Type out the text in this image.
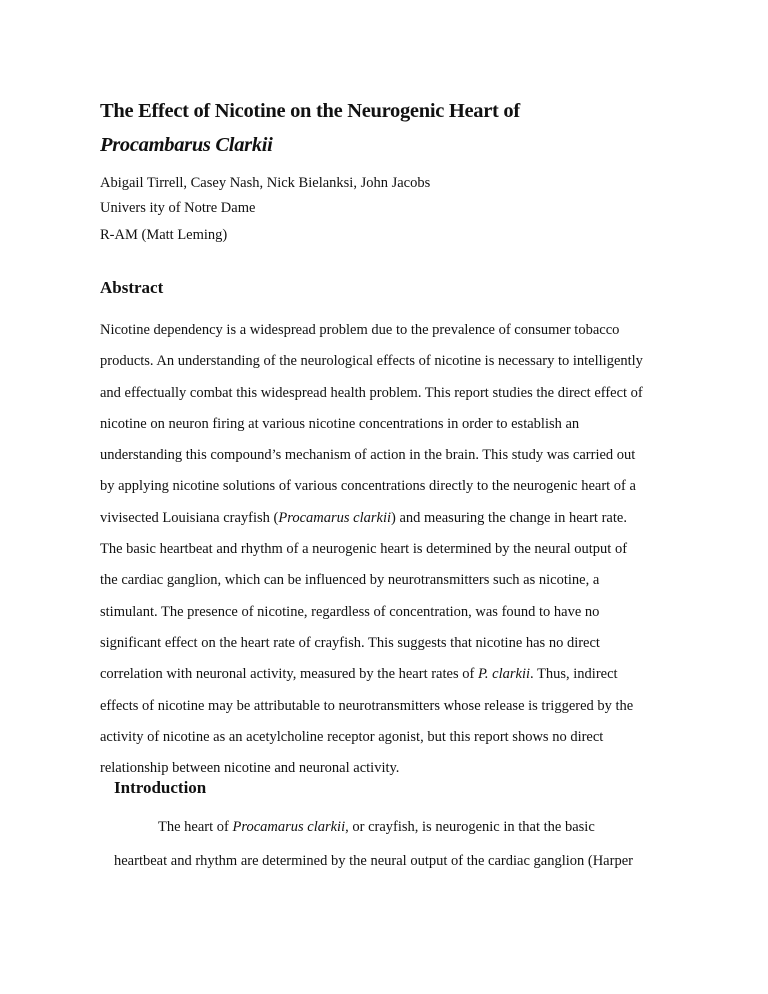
The Effect of Nicotine on the Neurogenic Heart of
Procambarus Clarkii
Abigail Tirrell, Casey Nash, Nick Bielanksi, John Jacobs
Univers ity of Notre Dame
R-AM (Matt Leming)
Abstract
Nicotine dependency is a widespread problem due to the prevalence of consumer tobacco
products. An understanding of the neurological effects of nicotine is necessary to intelligently
and effectually combat this widespread health problem. This report studies the direct effect of
nicotine on neuron firing at various nicotine concentrations in order to establish an
understanding this compound’s mechanism of action in the brain. This study was carried out
by applying nicotine solutions of various concentrations directly to the neurogenic heart of a
vivisected Louisiana crayfish (Procamarus clarkii) and measuring the change in heart rate.
The basic heartbeat and rhythm of a neurogenic heart is determined by the neural output of
the cardiac ganglion, which can be influenced by neurotransmitters such as nicotine, a
stimulant. The presence of nicotine, regardless of concentration, was found to have no
significant effect on the heart rate of crayfish. This suggests that nicotine has no direct
correlation with neuronal activity, measured by the heart rates of P. clarkii. Thus, indirect
effects of nicotine may be attributable to neurotransmitters whose release is triggered by the
activity of nicotine as an acetylcholine receptor agonist, but this report shows no direct
relationship between nicotine and neuronal activity.
Introduction
The heart of Procamarus clarkii, or crayfish, is neurogenic in that the basic
heartbeat and rhythm are determined by the neural output of the cardiac ganglion (Harper
